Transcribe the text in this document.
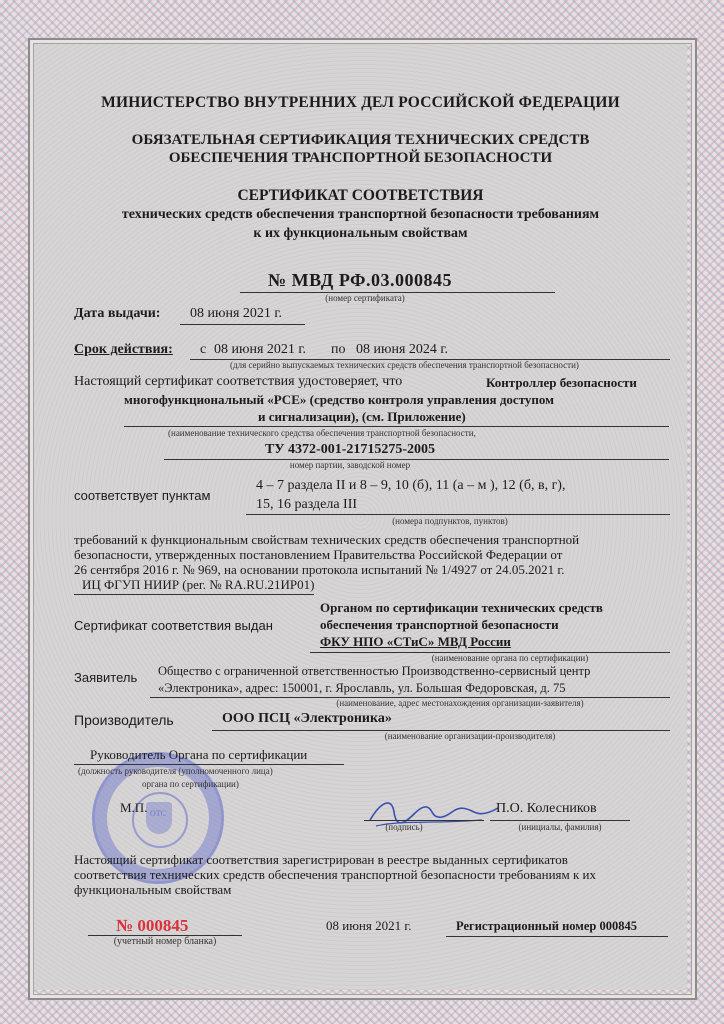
МИНИСТЕРСТВО ВНУТРЕННИХ ДЕЛ РОССИЙСКОЙ ФЕДЕРАЦИИ
ОБЯЗАТЕЛЬНАЯ СЕРТИФИКАЦИЯ ТЕХНИЧЕСКИХ СРЕДСТВ
ОБЕСПЕЧЕНИЯ ТРАНСПОРТНОЙ БЕЗОПАСНОСТИ
СЕРТИФИКАТ СООТВЕТСТВИЯ
технических средств обеспечения транспортной безопасности требованиям
к их функциональным свойствам
№ МВД РФ.03.000845
(номер сертификата)
Дата выдачи: 08 июня 2021 г.
Срок действия: с 08 июня 2021 г. по 08 июня 2024 г.
(для серийно выпускаемых технических средств обеспечения транспортной безопасности)
Настоящий сертификат соответствия удостоверяет, что	Контроллер безопасности
многофункциональный «РСЕ» (средство контроля управления доступом
и сигнализации), (см. Приложение)
(наименование технического средства обеспечения транспортной безопасности,
ТУ 4372-001-21715275-2005
номер партии, заводской номер
соответствует пунктам
4 – 7 раздела II и 8 – 9, 10 (б), 11 (а – м ), 12 (б, в, г),
15, 16 раздела III
(номера подпунктов, пунктов)
требований к функциональным свойствам технических средств обеспечения транспортной
безопасности, утвержденных постановлением Правительства Российской Федерации от
26 сентября 2016 г. № 969, на основании протокола испытаний № 1/4927 от 24.05.2021 г.
ИЦ ФГУП НИИР (рег. № RA.RU.21ИР01)
Сертификат соответствия выдан
Органом по сертификации технических средств
обеспечения транспортной безопасности
ФКУ НПО «СТиС» МВД России
(наименование органа по сертификации)
Заявитель Общество с ограниченной ответственностью Производственно-сервисный центр
«Электроника», адрес: 150001, г. Ярославль, ул. Большая Федоровская, д. 75
(наименование, адрес местонахождения организации-заявителя)
Производитель	ООО ПСЦ «Электроника»
(наименование организации-производителя)
ОТС
Руководитель Органа по сертификации
(должность руководителя (уполномоченного лица)
органа по сертификации)
М.П.
(подпись)
П.О. Колесников
(инициалы, фамилия)
Настоящий сертификат соответствия зарегистрирован в реестре выданных сертификатов
соответствия технических средств обеспечения транспортной безопасности требованиям к их
функциональным свойствам
№ 000845
(учетный номер бланка)
08 июня 2021 г.	Регистрационный номер 000845
